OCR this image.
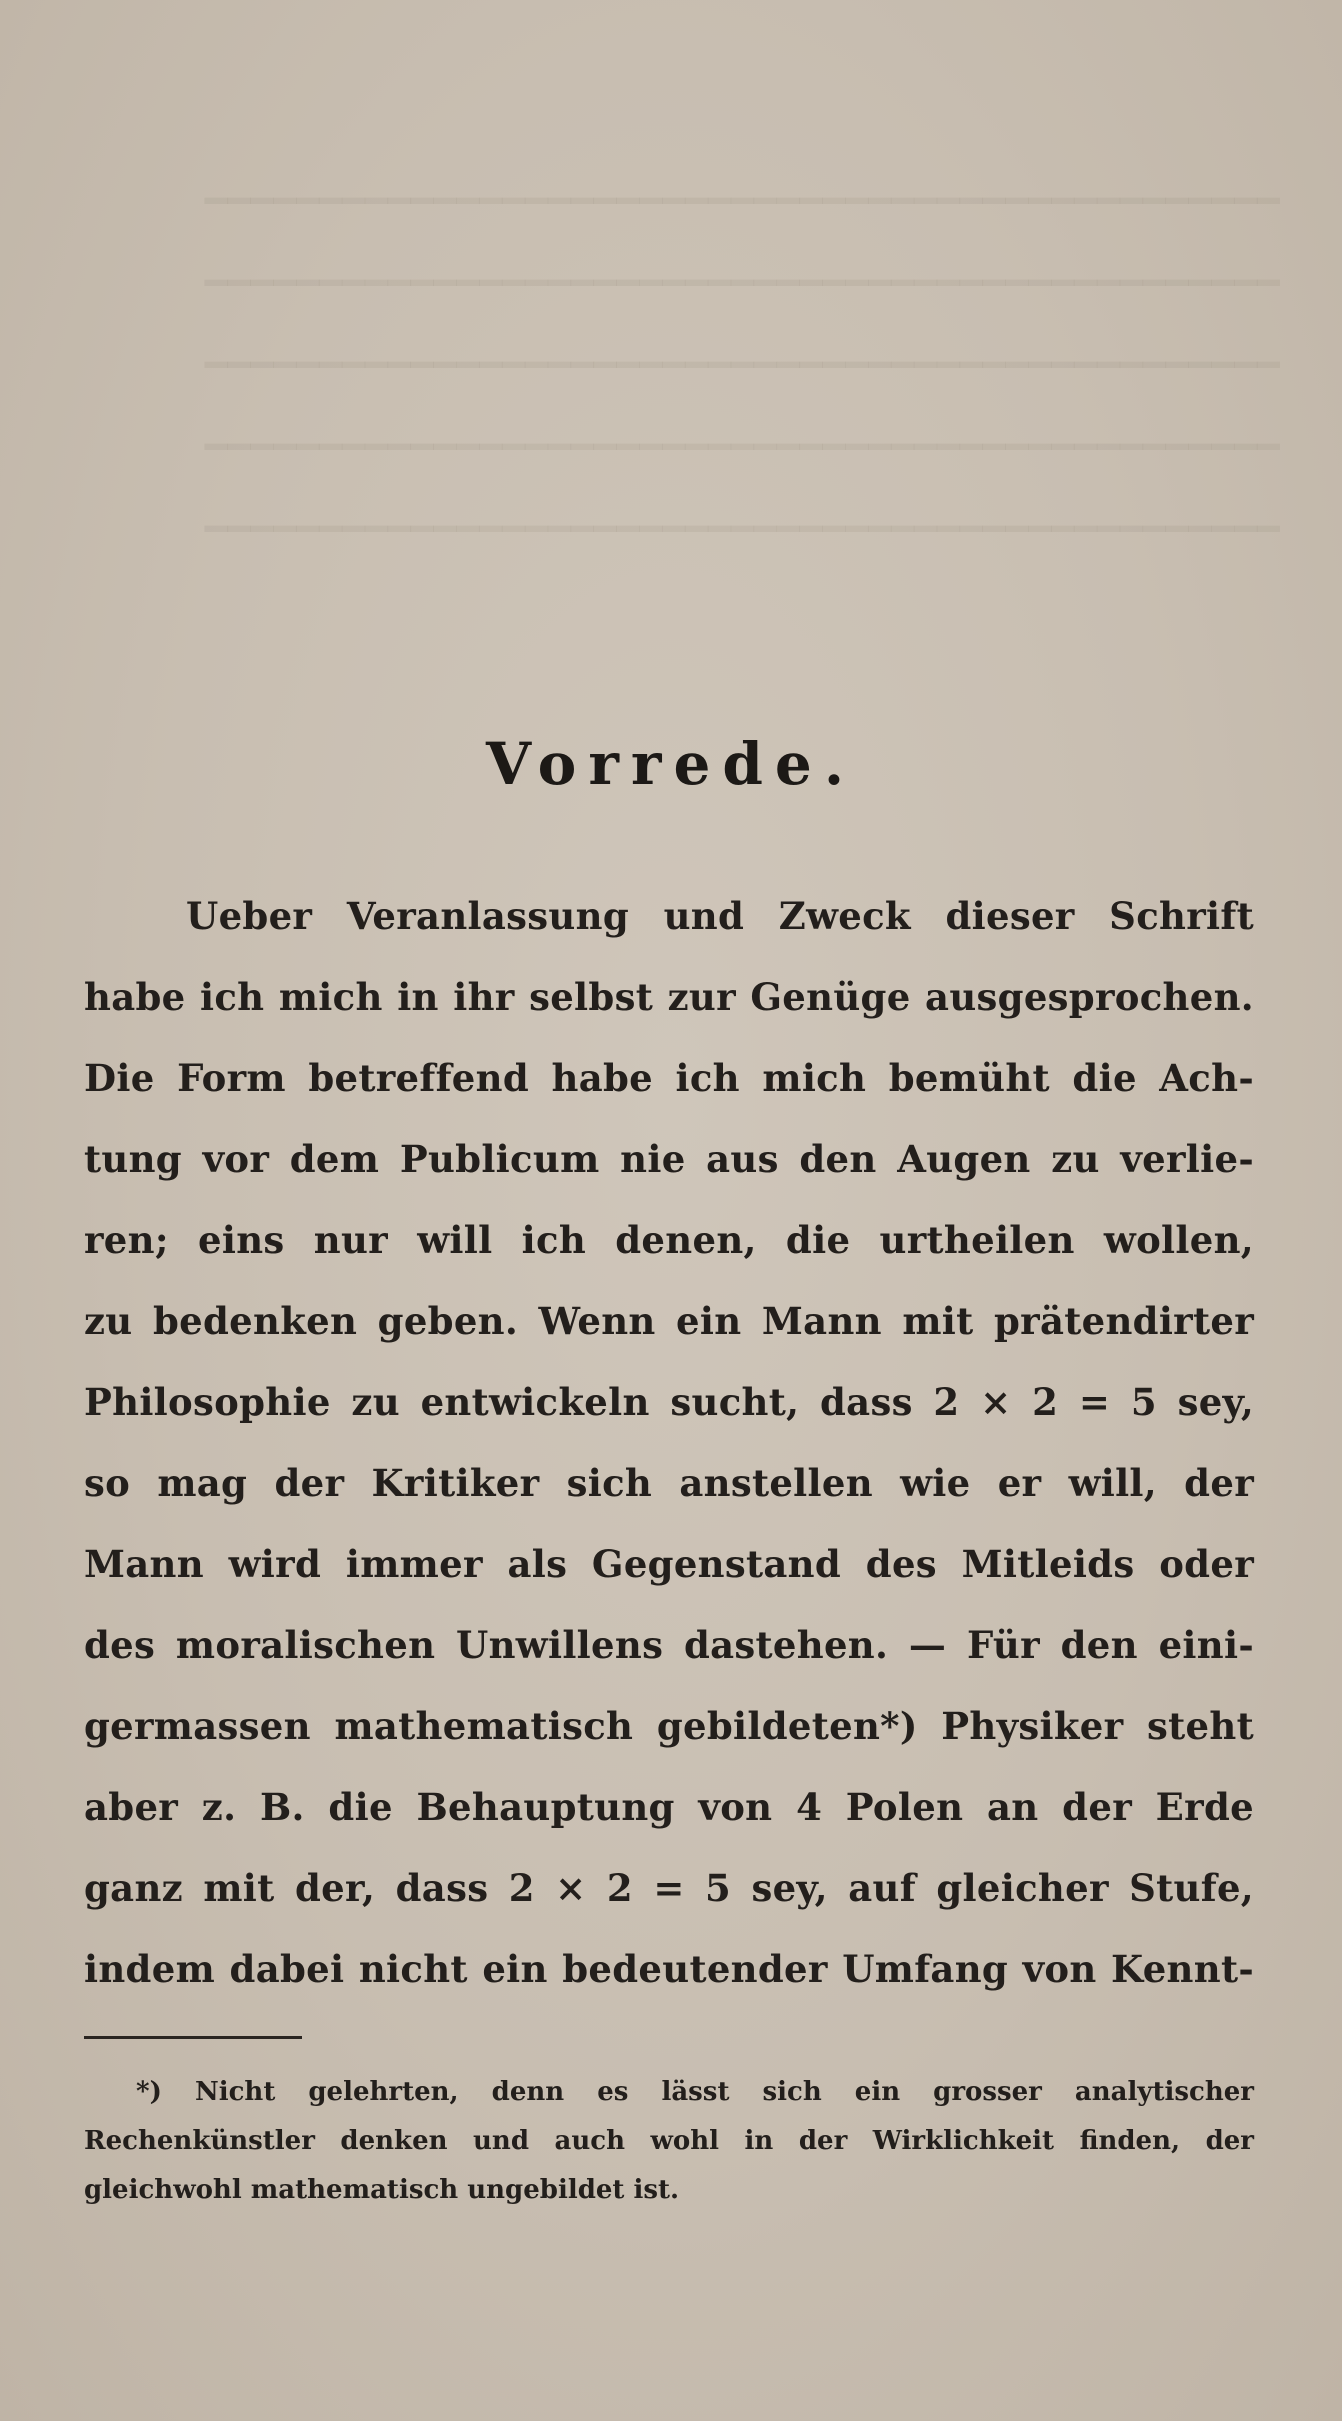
━━━━━━━━━━━━━━━━━━━━━━━━━━━━━━━━━━━━━━━━━━━━━━━
━━━━━━━━━━━━━━━━━━━━━━━━━━━━━━━━━━━━━━━━━━━━━━━
━━━━━━━━━━━━━━━━━━━━━━━━━━━━━━━━━━━━━━━━━━━━━━━
━━━━━━━━━━━━━━━━━━━━━━━━━━━━━━━━━━━━━━━━━━━━━━━
━━━━━━━━━━━━━━━━━━━━━━━━━━━━━━━━━━━━━━━━━━━━━━━
Vorrede.
Ueber Veranlassung und Zweck dieser Schrift
habe ich mich in ihr selbst zur Genüge ausgesprochen.
Die Form betreffend habe ich mich bemüht die Ach-
tung vor dem Publicum nie aus den Augen zu verlie-
ren; eins nur will ich denen, die urtheilen wollen,
zu bedenken geben. Wenn ein Mann mit prätendirter
Philosophie zu entwickeln sucht, dass 2 × 2 = 5 sey,
so mag der Kritiker sich anstellen wie er will, der
Mann wird immer als Gegenstand des Mitleids oder
des moralischen Unwillens dastehen. — Für den eini-
germassen mathematisch gebildeten*) Physiker steht
aber z. B. die Behauptung von 4 Polen an der Erde
ganz mit der, dass 2 × 2 = 5 sey, auf gleicher Stufe,
indem dabei nicht ein bedeutender Umfang von Kennt-
*) Nicht gelehrten, denn es lässt sich ein grosser analytischer
Rechenkünstler denken und auch wohl in der Wirklichkeit finden, der
gleichwohl mathematisch ungebildet ist.
